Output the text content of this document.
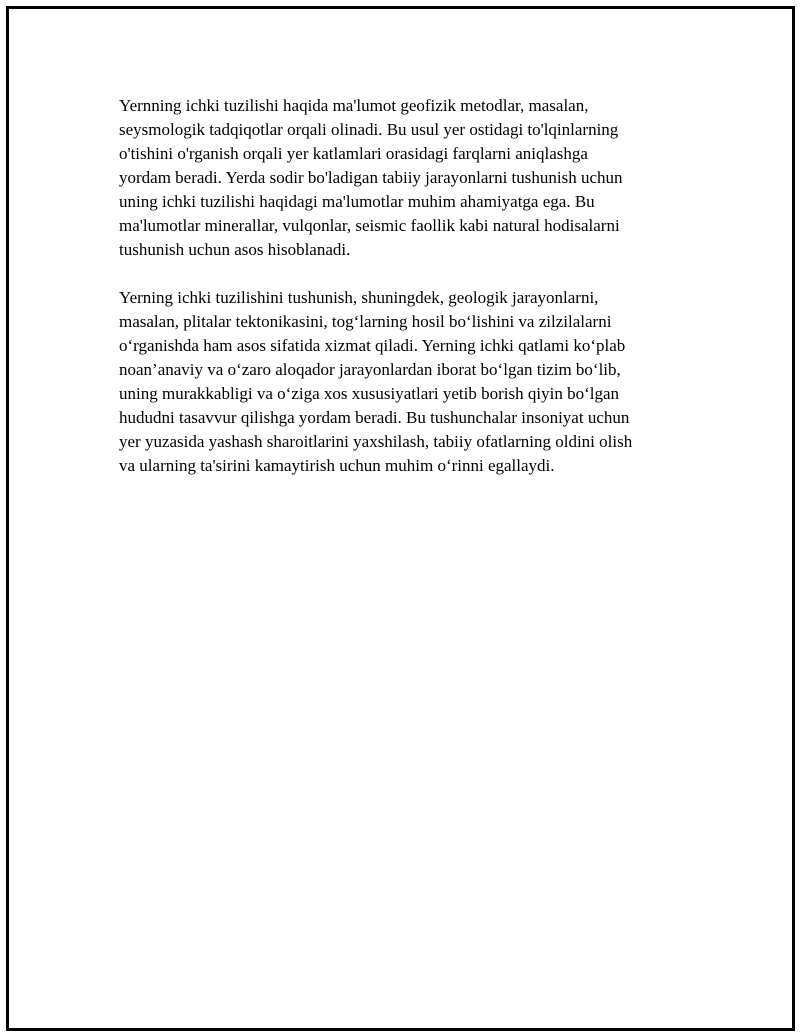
Yernning ichki tuzilishi haqida ma'lumot geofizik metodlar, masalan,
seysmologik tadqiqotlar orqali olinadi. Bu usul yer ostidagi to'lqinlarning
o'tishini o'rganish orqali yer katlamlari orasidagi farqlarni aniqlashga
yordam beradi. Yerda sodir bo'ladigan tabiiy jarayonlarni tushunish uchun
uning ichki tuzilishi haqidagi ma'lumotlar muhim ahamiyatga ega. Bu
ma'lumotlar minerallar, vulqonlar, seismic faollik kabi natural hodisalarni
tushunish uchun asos hisoblanadi.

Yerning ichki tuzilishini tushunish, shuningdek, geologik jarayonlarni,
masalan, plitalar tektonikasini, tog‘larning hosil bo‘lishini va zilzilalarni
o‘rganishda ham asos sifatida xizmat qiladi. Yerning ichki qatlami ko‘plab
noan’anaviy va o‘zaro aloqador jarayonlardan iborat bo‘lgan tizim bo‘lib,
uning murakkabligi va o‘ziga xos xususiyatlari yetib borish qiyin bo‘lgan
hududni tasavvur qilishga yordam beradi. Bu tushunchalar insoniyat uchun
yer yuzasida yashash sharoitlarini yaxshilash, tabiiy ofatlarning oldini olish
va ularning ta'sirini kamaytirish uchun muhim o‘rinni egallaydi.
